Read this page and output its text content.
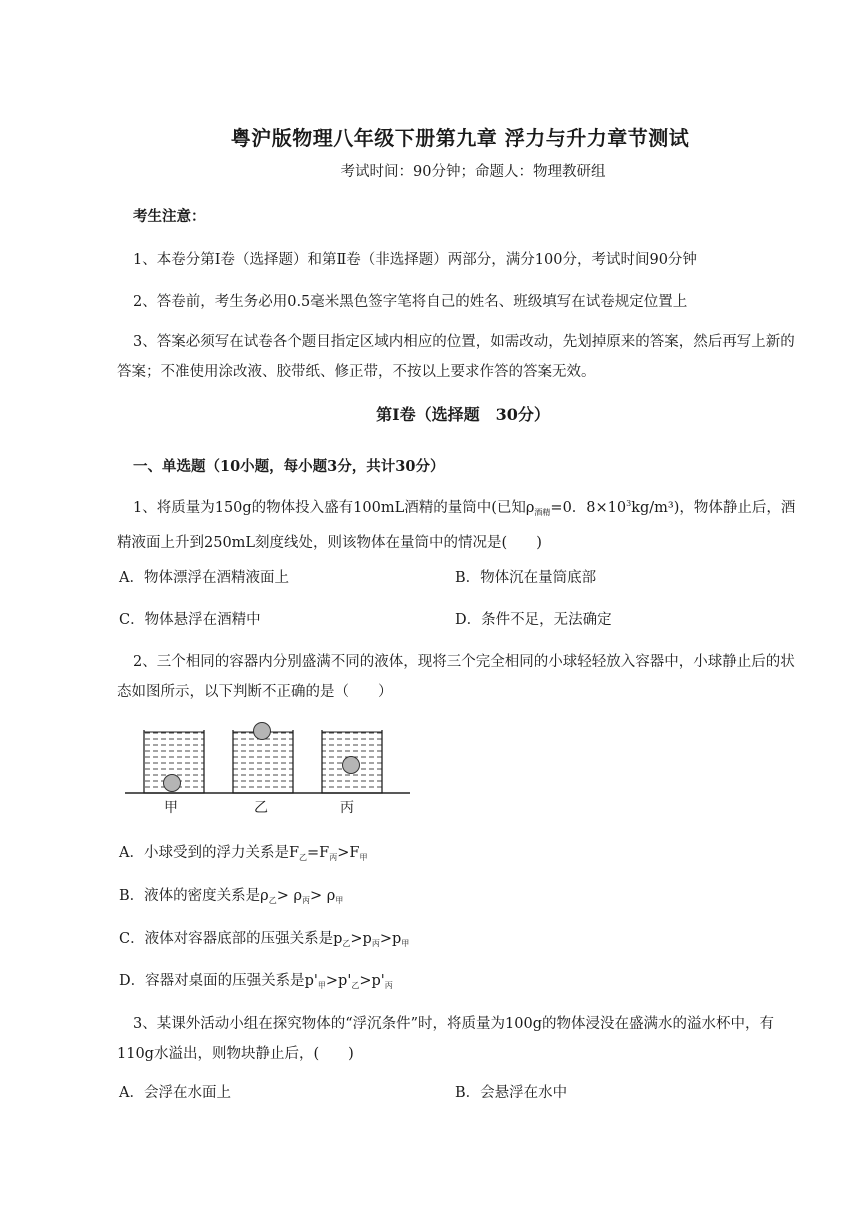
粤沪版物理八年级下册第九章 浮力与升力章节测试
考试时间：90分钟；命题人：物理教研组
考生注意：
1、本卷分第Ⅰ卷（选择题）和第Ⅱ卷（非选择题）两部分，满分100分，考试时间90分钟
2、答卷前，考生务必用0.5毫米黑色签字笔将自己的姓名、班级填写在试卷规定位置上
3、答案必须写在试卷各个题目指定区域内相应的位置，如需改动，先划掉原来的答案，然后再写上新的答案；不准使用涂改液、胶带纸、修正带，不按以上要求作答的答案无效。
第Ⅰ卷（选择题　30分）
一、单选题（10小题，每小题3分，共计30分）
1、将质量为150g的物体投入盛有100mL酒精的量筒中(已知$\rho_{酒精}=0$．$8\times 10^3kg/m^3$)，物体静止后，酒精液面上升到250mL刻度线处，则该物体在量筒中的情况是(　　)
A．物体漂浮在酒精液面上	B．物体沉在量筒底部
C．物体悬浮在酒精中	D．条件不足，无法确定
2、三个相同的容器内分别盛满不同的液体，现将三个完全相同的小球轻轻放入容器中，小球静止后的状态如图所示，以下判断不正确的是（　　）
甲	乙	丙
A．小球受到的浮力关系是$F_乙=F_丙>F_甲$
B．液体的密度关系是$\rho_乙> \rho_丙> \rho_甲$
C．液体对容器底部的压强关系是$p_乙>p_丙>p_甲$
D．容器对桌面的压强关系是$p'_甲>p'_乙>p'_丙$
3、某课外活动小组在探究物体的“浮沉条件”时，将质量为100g的物体浸没在盛满水的溢水杯中，有110g水溢出，则物块静止后，(　　)
A．会浮在水面上	B．会悬浮在水中
